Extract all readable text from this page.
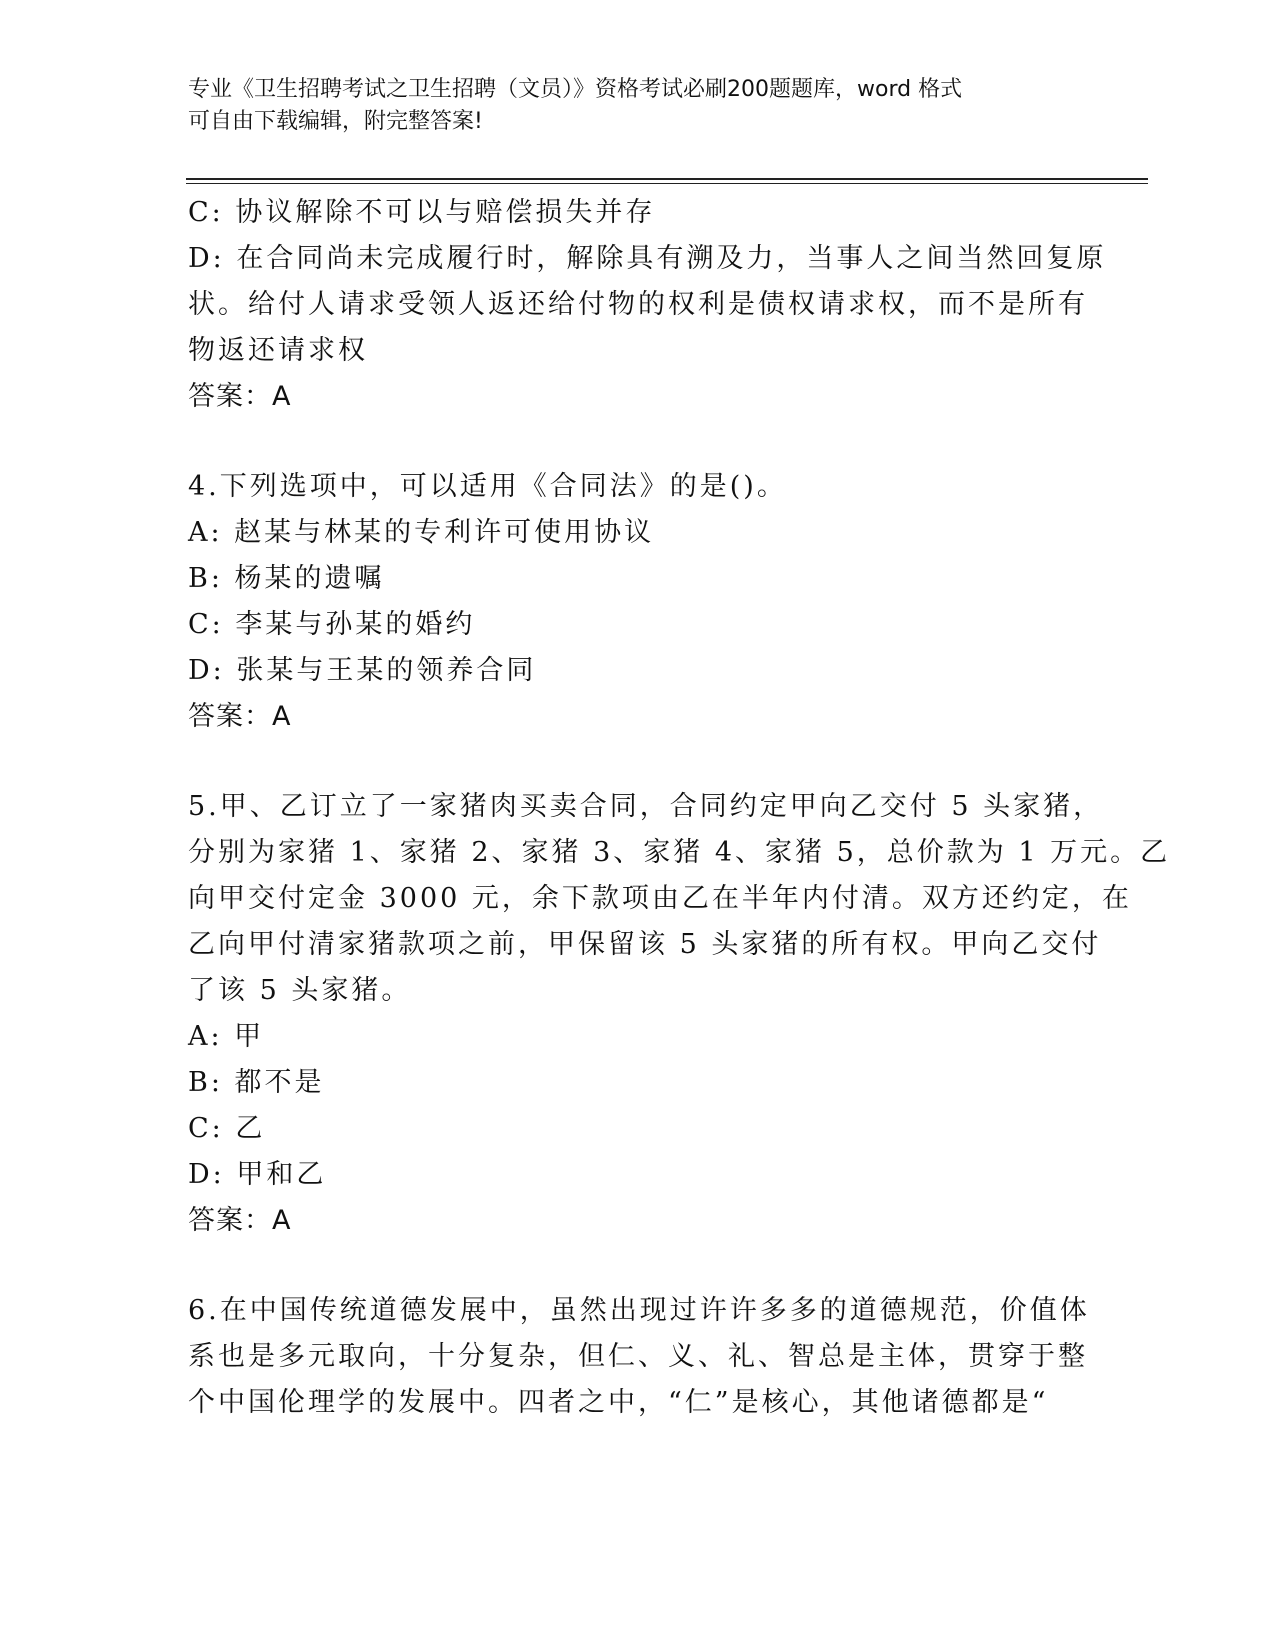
专业《卫生招聘考试之卫生招聘（文员）》资格考试必刷200题题库，word 格式
可自由下载编辑，附完整答案!
C: 协议解除不可以与赔偿损失并存
D: 在合同尚未完成履行时，解除具有溯及力，当事人之间当然回复原
状。给付人请求受领人返还给付物的权利是债权请求权，而不是所有
物返还请求权
答案：A
4.下列选项中，可以适用《合同法》的是()。
A: 赵某与林某的专利许可使用协议
B: 杨某的遗嘱
C: 李某与孙某的婚约
D: 张某与王某的领养合同
答案：A
5.甲、乙订立了一家猪肉买卖合同，合同约定甲向乙交付 5 头家猪，
分别为家猪 1、家猪 2、家猪 3、家猪 4、家猪 5，总价款为 1 万元。乙
向甲交付定金 3000 元，余下款项由乙在半年内付清。双方还约定，在
乙向甲付清家猪款项之前，甲保留该 5 头家猪的所有权。甲向乙交付
了该 5 头家猪。
A: 甲
B: 都不是
C: 乙
D: 甲和乙
答案：A
6.在中国传统道德发展中，虽然出现过许许多多的道德规范，价值体
系也是多元取向，十分复杂，但仁、义、礼、智总是主体，贯穿于整
个中国伦理学的发展中。四者之中，“仁”是核心，其他诸德都是“
